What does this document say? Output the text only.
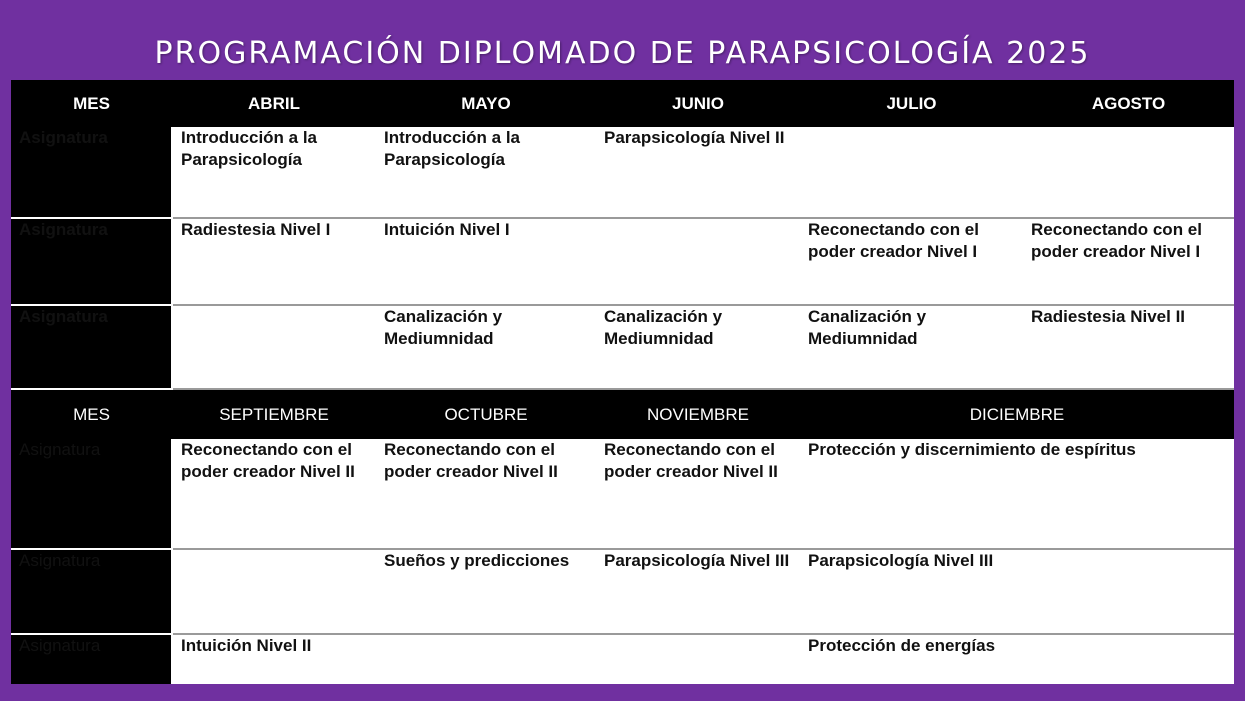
PROGRAMACIÓN DIPLOMADO DE PARAPSICOLOGÍA 2025
MES	ABRIL	MAYO	JUNIO	JULIO	AGOSTO
Asignatura	Introducción a la Parapsicología	Introducción a la Parapsicología	Parapsicología Nivel II		
Asignatura	Radiestesia Nivel I	Intuición Nivel I		Reconectando con el poder creador Nivel I	Reconectando con el poder creador Nivel I
Asignatura		Canalización y Mediumnidad	Canalización y Mediumnidad	Canalización y Mediumnidad	Radiestesia Nivel II
MES	SEPTIEMBRE	OCTUBRE	NOVIEMBRE	DICIEMBRE	
Asignatura	Reconectando con el poder creador Nivel II	Reconectando con el poder creador Nivel II	Reconectando con el poder creador Nivel II	Protección y discernimiento de espíritus	
Asignatura		Sueños y predicciones	Parapsicología Nivel III	Parapsicología Nivel III	
Asignatura	Intuición Nivel II			Protección de energías	
